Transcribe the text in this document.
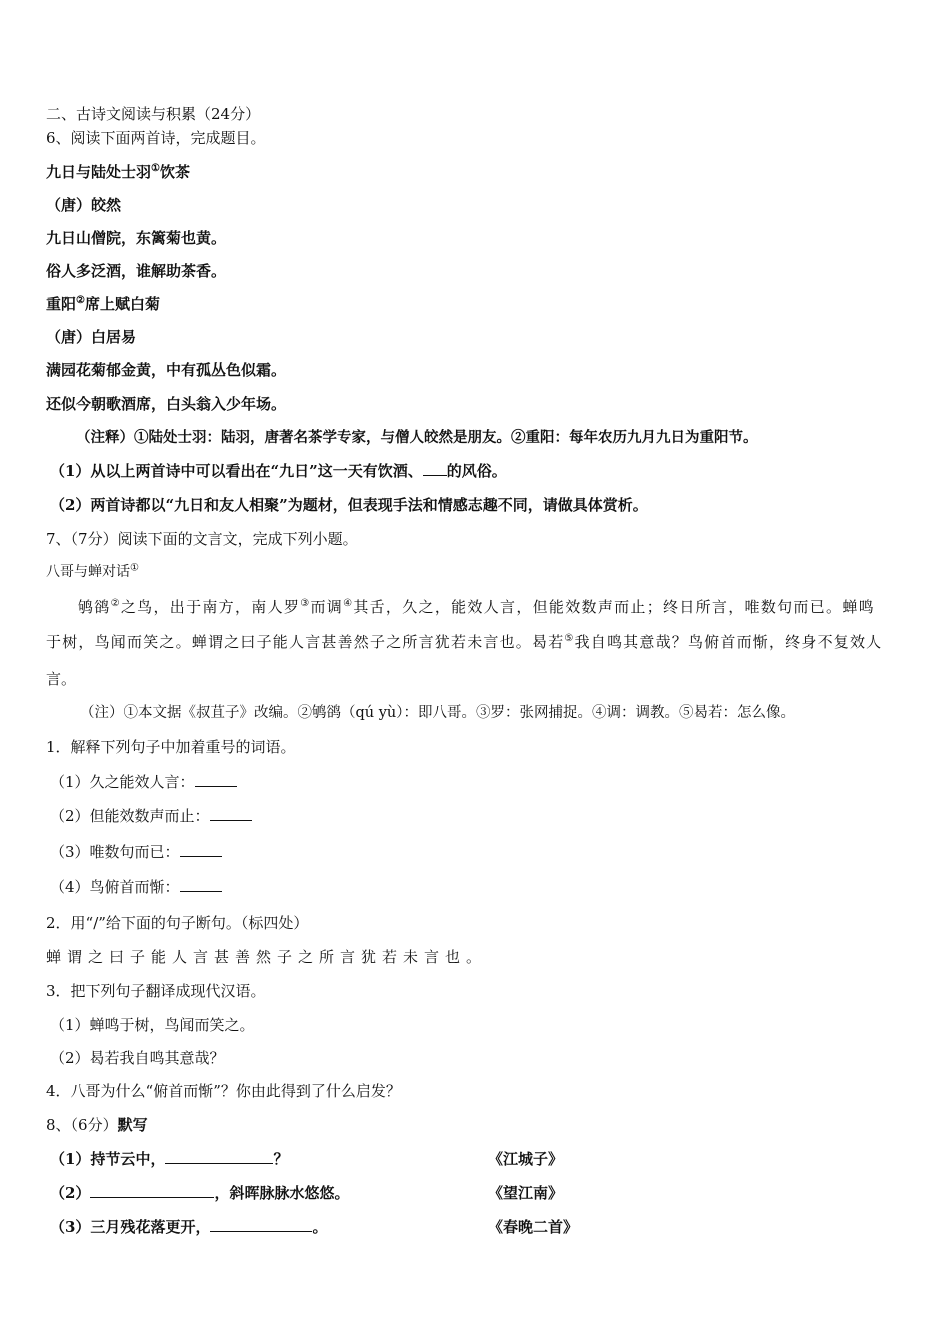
二、古诗文阅读与积累（24分）
6、阅读下面两首诗，完成题目。
九日与陆处士羽①饮茶
（唐）皎然
九日山僧院，东篱菊也黄。
俗人多泛酒，谁解助茶香。
重阳②席上赋白菊
（唐）白居易
满园花菊郁金黄，中有孤丛色似霜。
还似今朝歌酒席，白头翁入少年场。
（注释）①陆处士羽：陆羽，唐著名茶学专家，与僧人皎然是朋友。②重阳：每年农历九月九日为重阳节。
（1）从以上两首诗中可以看出在“九日”这一天有饮酒、 的风俗。
（2）两首诗都以“九日和友人相聚”为题材，但表现手法和情感志趣不同，请做具体赏析。
7、（7分）阅读下面的文言文，完成下列小题。
八哥与蝉对话①
鸲鹆②之鸟，出于南方，南人罗③而调④其舌，久之，能效人言，但能效数声而止；终日所言，唯数句而已。蝉鸣
于树，鸟闻而笑之。蝉谓之曰子能人言甚善然子之所言犹若未言也。曷若⑤我自鸣其意哉？鸟俯首而惭，终身不复效人
言。
（注）①本文据《叔苴子》改编。②鸲鹆（qú yù）：即八哥。③罗：张网捕捉。④调：调教。⑤曷若：怎么像。
1．解释下列句子中加着重号的词语。
（1）久之能效人言：
（2）但能效数声而止：
（3）唯数句而已：
（4）鸟俯首而惭：
2．用“/”给下面的句子断句。（标四处）
蝉谓之曰子能人言甚善然子之所言犹若未言也。
3．把下列句子翻译成现代汉语。
（1）蝉鸣于树，鸟闻而笑之。
（2）曷若我自鸣其意哉？
4．八哥为什么“俯首而惭”？你由此得到了什么启发？
8、（6分）默写
（1）持节云中，	？	《江城子》
（2）	，斜晖脉脉水悠悠。	《望江南》
（3）三月残花落更开，	。	《春晚二首》
